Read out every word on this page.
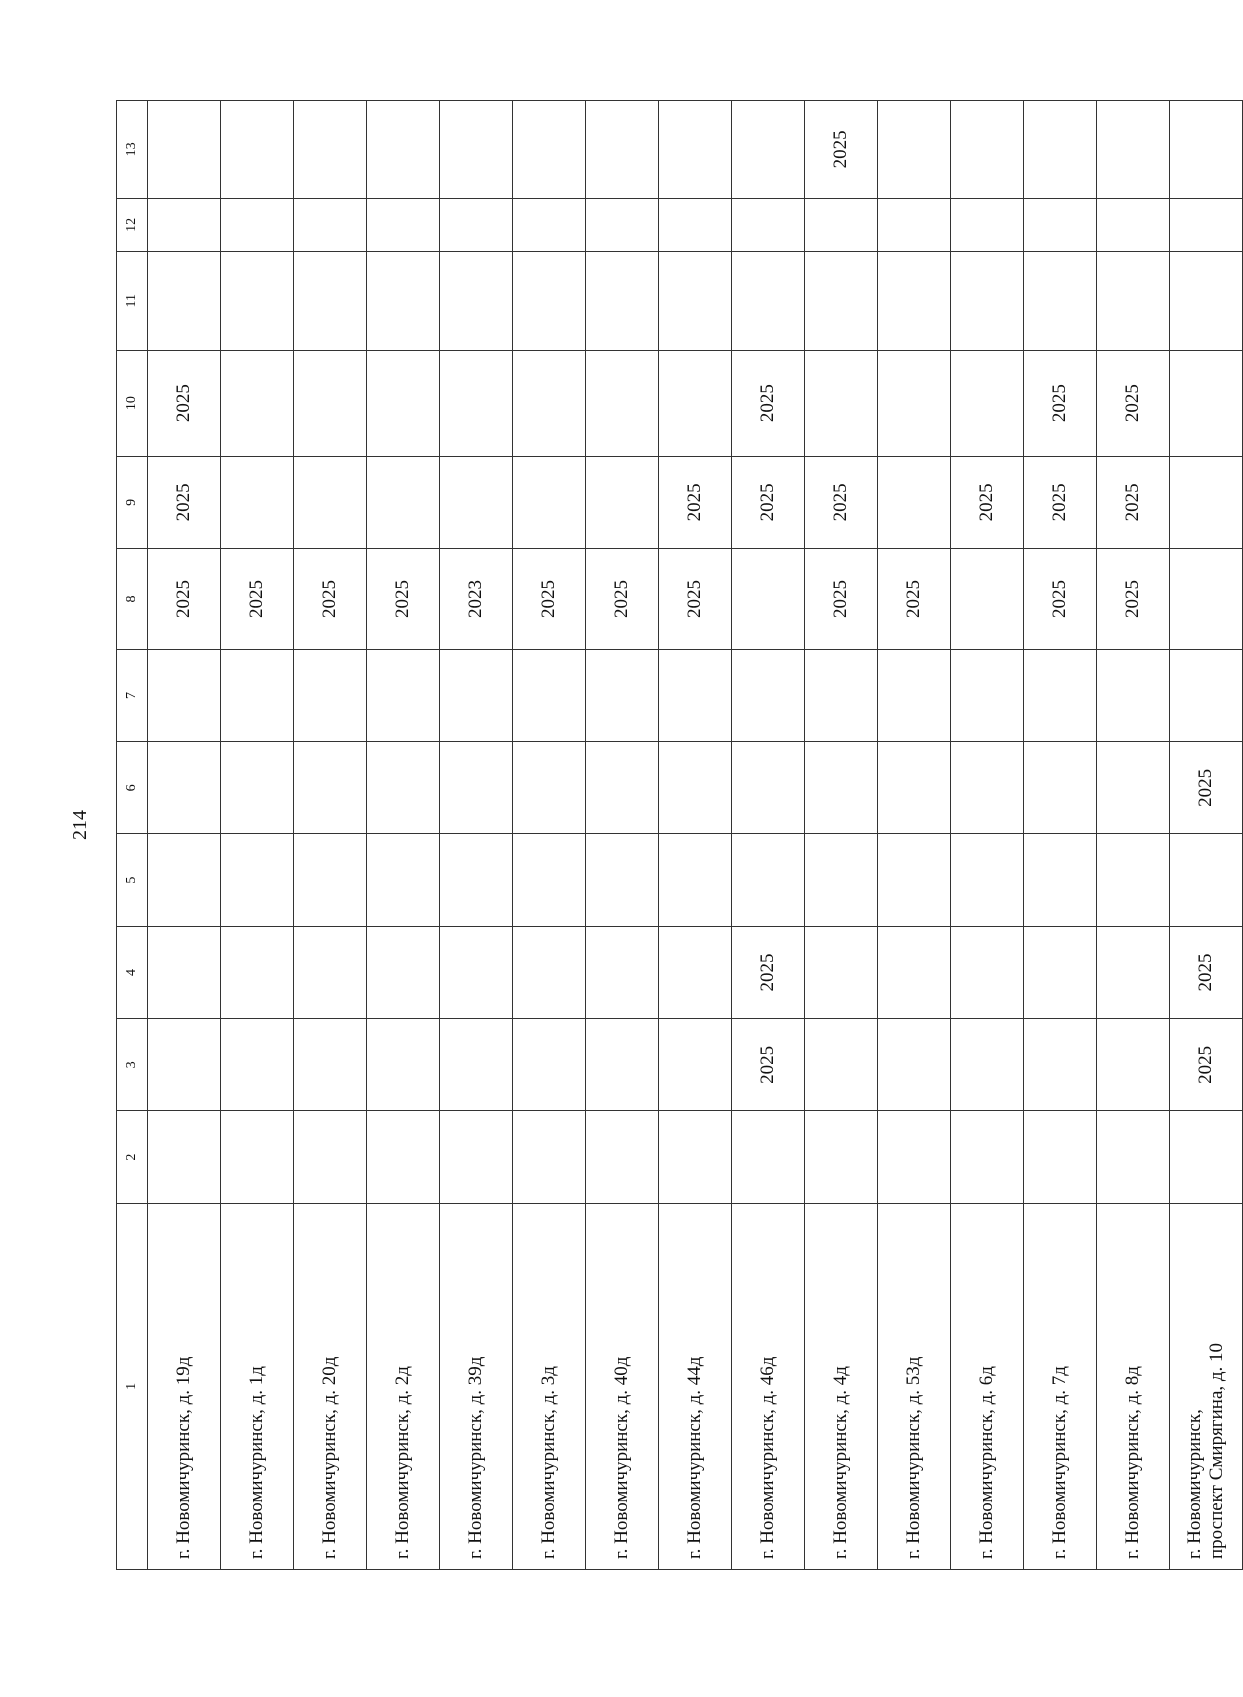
214
1	2	3	4	5	6	7	8	9	10	11	12	13
г. Новомичуринск, д. 19д							2025	2025	2025			
г. Новомичуринск, д. 1д							2025					
г. Новомичуринск, д. 20д							2025					
г. Новомичуринск, д. 2д							2025					
г. Новомичуринск, д. 39д							2023					
г. Новомичуринск, д. 3д							2025					
г. Новомичуринск, д. 40д							2025					
г. Новомичуринск, д. 44д							2025	2025				
г. Новомичуринск, д. 46д		2025	2025					2025	2025			
г. Новомичуринск, д. 4д							2025	2025				2025
г. Новомичуринск, д. 53д							2025					
г. Новомичуринск, д. 6д								2025				
г. Новомичуринск, д. 7д							2025	2025	2025			
г. Новомичуринск, д. 8д							2025	2025	2025			

г. Новомичуринск, проспект Смирягина, д. 10		2025	2025		2025							
